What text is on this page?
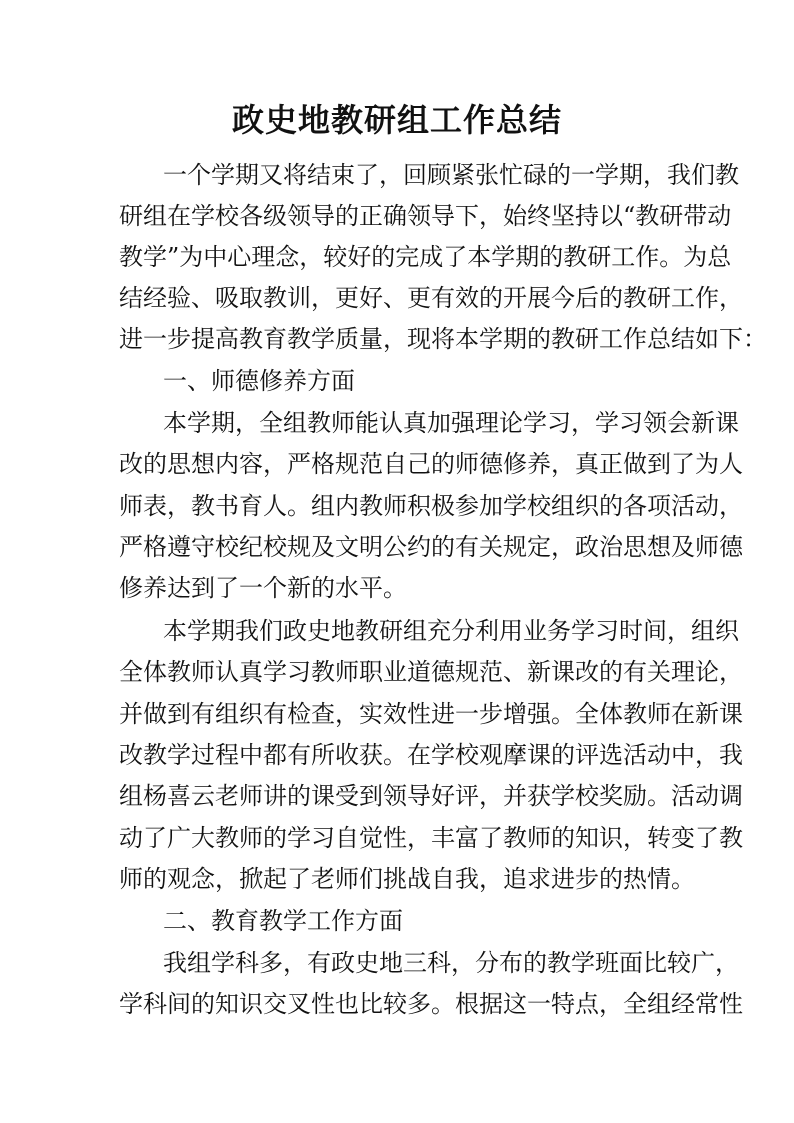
政史地教研组工作总结
一个学期又将结束了，回顾紧张忙碌的一学期，我们教
研组在学校各级领导的正确领导下，始终坚持以“教研带动
教学”为中心理念，较好的完成了本学期的教研工作。为总
结经验、吸取教训，更好、更有效的开展今后的教研工作，
进一步提高教育教学质量，现将本学期的教研工作总结如下：
一、师德修养方面
本学期，全组教师能认真加强理论学习，学习领会新课
改的思想内容，严格规范自己的师德修养，真正做到了为人
师表，教书育人。组内教师积极参加学校组织的各项活动，
严格遵守校纪校规及文明公约的有关规定，政治思想及师德
修养达到了一个新的水平。
本学期我们政史地教研组充分利用业务学习时间，组织
全体教师认真学习教师职业道德规范、新课改的有关理论，
并做到有组织有检查，实效性进一步增强。全体教师在新课
改教学过程中都有所收获。在学校观摩课的评选活动中，我
组杨喜云老师讲的课受到领导好评，并获学校奖励。活动调
动了广大教师的学习自觉性，丰富了教师的知识，转变了教
师的观念，掀起了老师们挑战自我，追求进步的热情。
二、教育教学工作方面
我组学科多，有政史地三科，分布的教学班面比较广，
学科间的知识交叉性也比较多。根据这一特点，全组经常性
